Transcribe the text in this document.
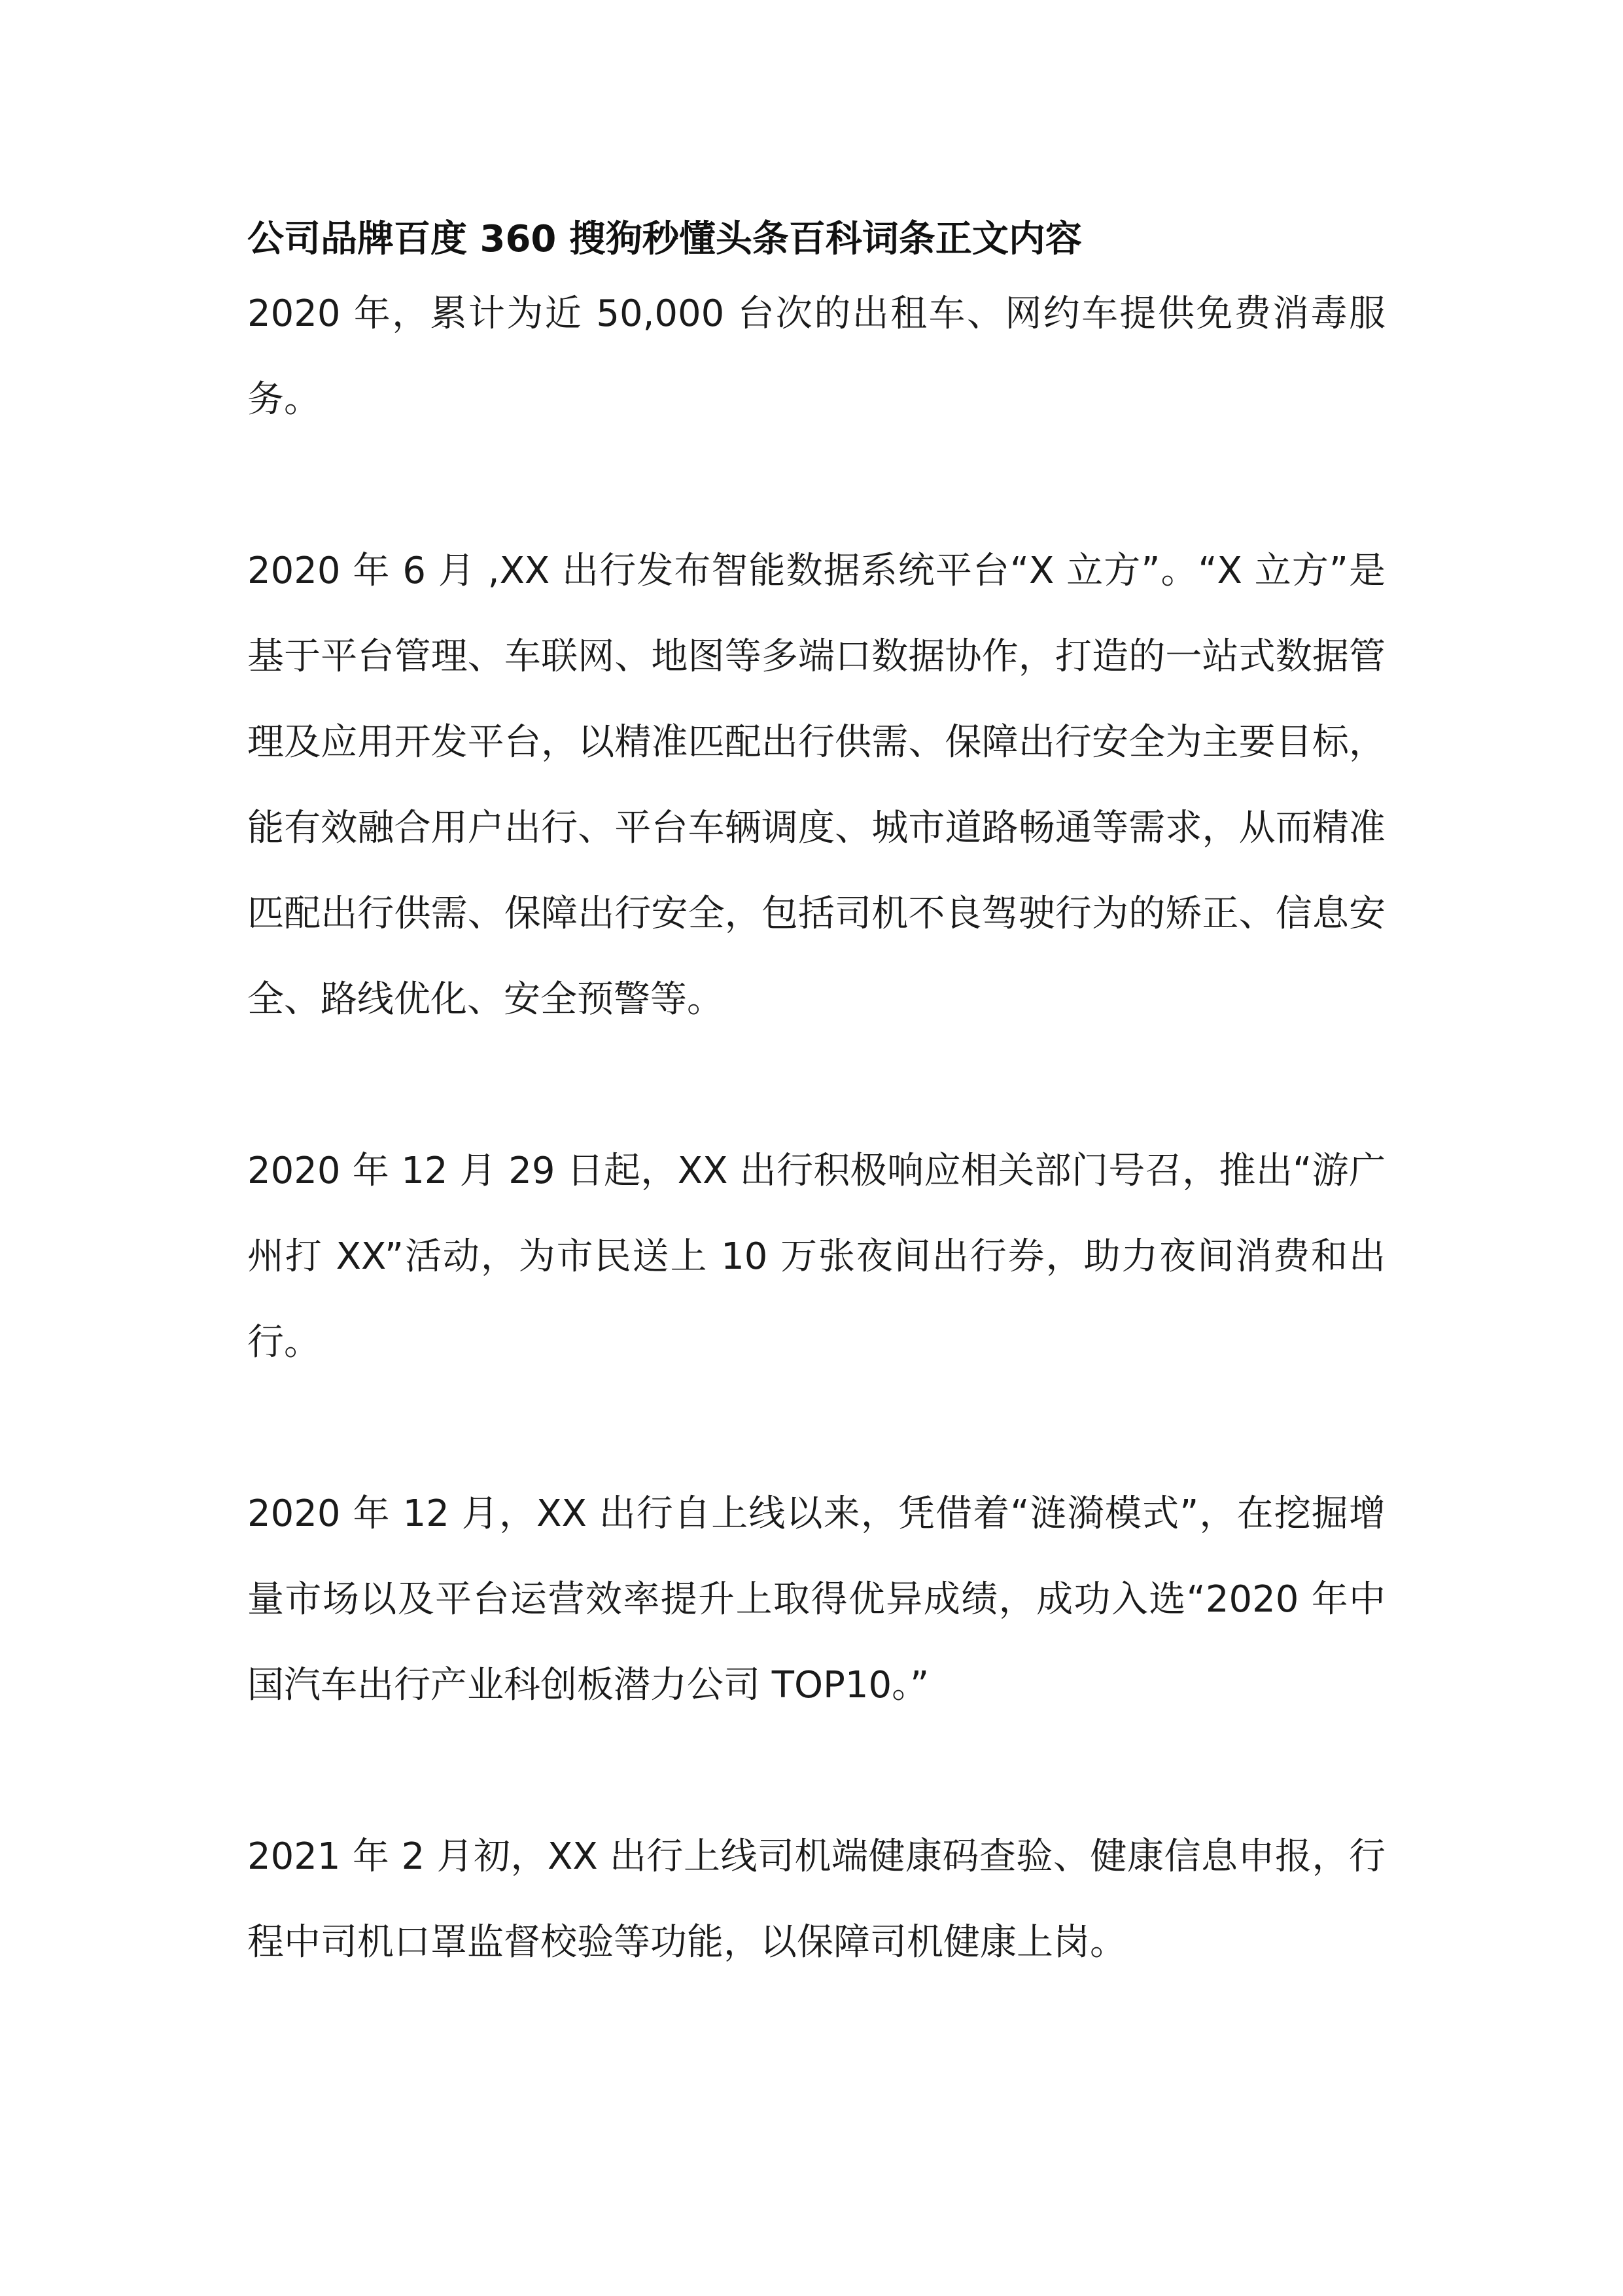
公司品牌百度 360 搜狗秒懂头条百科词条正文内容

2020 年，累计为近 50,000 台次的出租车、网约车提供免费消毒服务。

2020 年 6 月 ,XX 出行发布智能数据系统平台“X 立方”。“X 立方”是基于平台管理、车联网、地图等多端口数据协作，打造的一站式数据管理及应用开发平台，以精准匹配出行供需、保障出行安全为主要目标，能有效融合用户出行、平台车辆调度、城市道路畅通等需求，从而精准匹配出行供需、保障出行安全，包括司机不良驾驶行为的矫正、信息安全、路线优化、安全预警等。

2020 年 12 月 29 日起，XX 出行积极响应相关部门号召，推出“游广州打 XX”活动，为市民送上 10 万张夜间出行券，助力夜间消费和出行。

2020 年 12 月，XX 出行自上线以来，凭借着“涟漪模式”，在挖掘增量市场以及平台运营效率提升上取得优异成绩，成功入选“2020 年中国汽车出行产业科创板潜力公司 TOP10。”

2021 年 2 月初，XX 出行上线司机端健康码查验、健康信息申报，行程中司机口罩监督校验等功能，以保障司机健康上岗。
